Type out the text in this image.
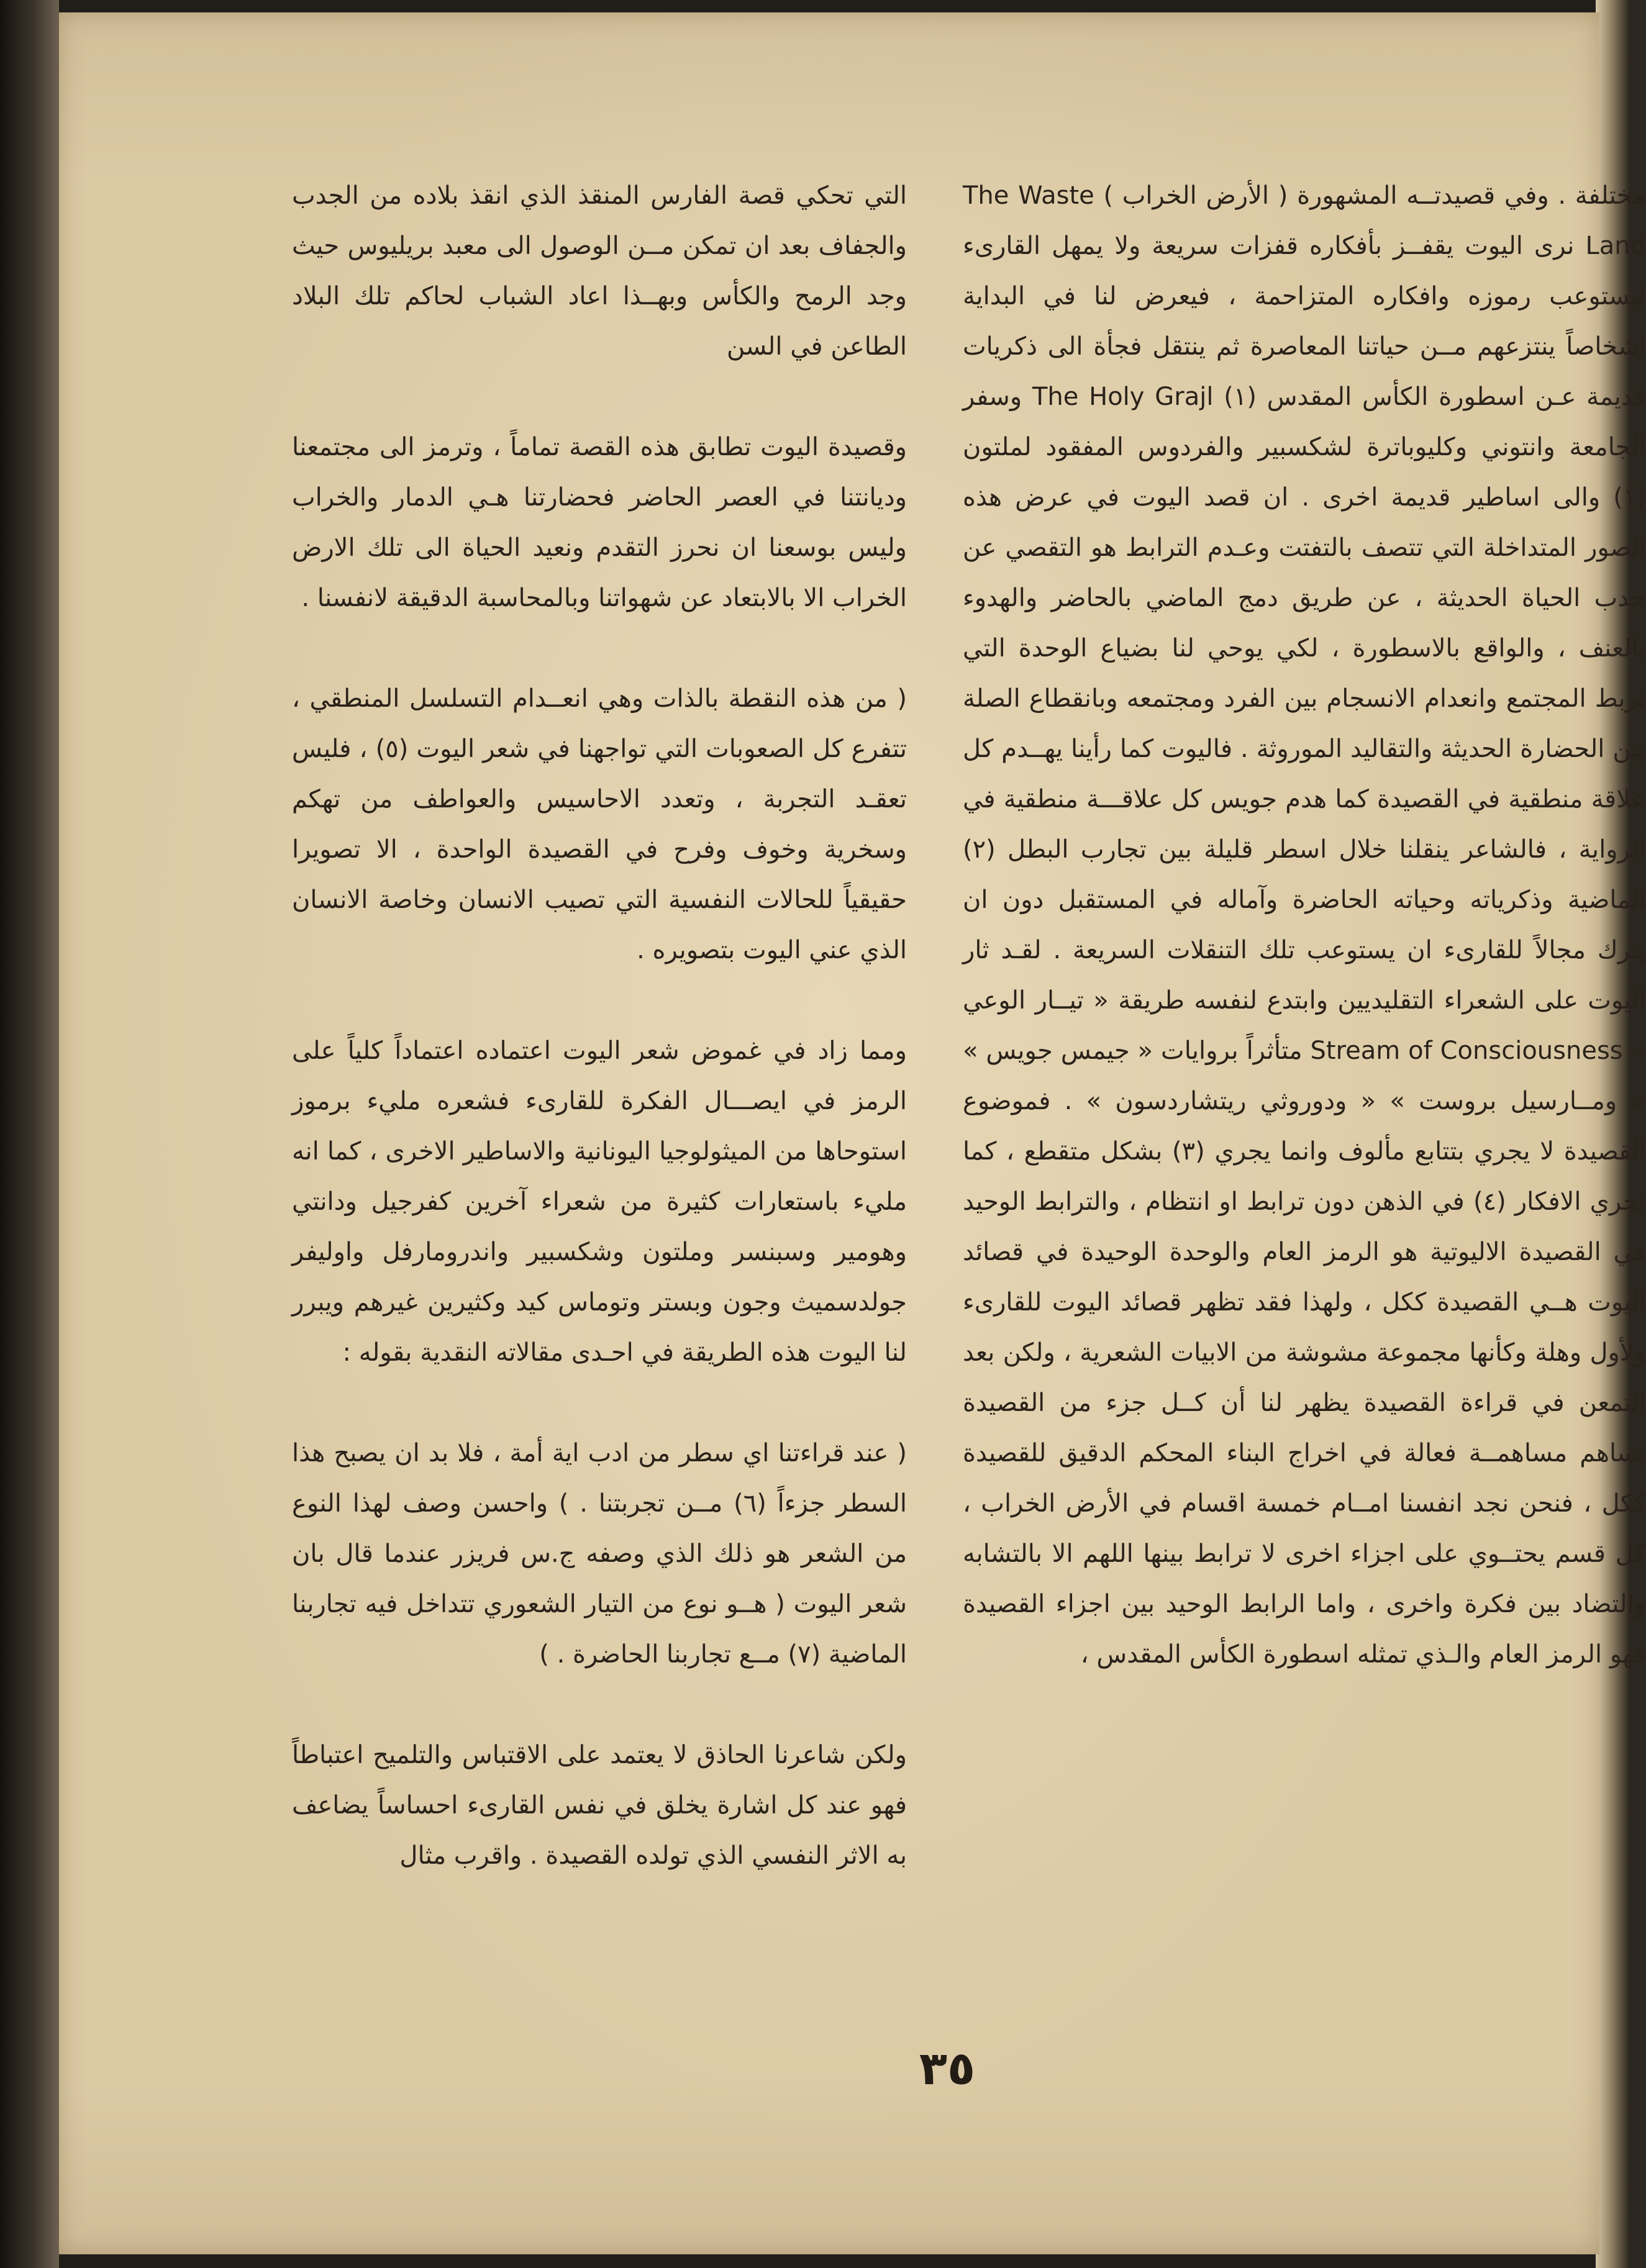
مختلفة . وفي قصيدتــه المشهورة ( الأرض الخراب ) The Waste Land نرى اليوت يقفــز بأفكاره قفزات سريعة ولا يمهل القارىء ليستوعب رموزه وافكاره المتزاحمة ، فيعرض لنا في البداية اشخاصاً ينتزعهم مــن حياتنا المعاصرة ثم ينتقل فجأة الى ذكريات قديمة عـن اسطورة الكأس المقدس (١) The Holy Grajl وسفر الجامعة وانتوني وكليوباترة لشكسبير والفردوس المفقود لملتون (١) والى اساطير قديمة اخرى . ان قصد اليوت في عرض هذه الصور المتداخلة التي تتصف بالتفتت وعـدم الترابط هو التقصي عن جدب الحياة الحديثة ، عن طريق دمج الماضي بالحاضر والهدوء بالعنف ، والواقع بالاسطورة ، لكي يوحي لنا بضياع الوحدة التي تربط المجتمع وانعدام الانسجام بين الفرد ومجتمعه وبانقطاع الصلة بين الحضارة الحديثة والتقاليد الموروثة . فاليوت كما رأينا يهــدم كل علاقة منطقية في القصيدة كما هدم جويس كل علاقـــة منطقية في الرواية ، فالشاعر ينقلنا خلال اسطر قليلة بين تجارب البطل (٢) الماضية وذكرياته وحياته الحاضرة وآماله في المستقبل دون ان يترك مجالاً للقارىء ان يستوعب تلك التنقلات السريعة . لقـد ثار اليوت على الشعراء التقليديين وابتدع لنفسه طريقة « تيــار الوعي » Stream of Consciousness متأثراً بروايات « جيمس جويس » « ومــارسيل بروست » « ودوروثي ريتشاردسون » . فموضوع القصيدة لا يجري بتتابع مألوف وانما يجري (٣) بشكل متقطع ، كما تجري الافكار (٤) في الذهن دون ترابط او انتظام ، والترابط الوحيد في القصيدة الاليوتية هو الرمز العام والوحدة الوحيدة في قصائد اليوت هــي القصيدة ككل ، ولهذا فقد تظهر قصائد اليوت للقارىء ولأول وهلة وكأنها مجموعة مشوشة من الابيات الشعرية ، ولكن بعد التمعن في قراءة القصيدة يظهر لنا أن كــل جزء من القصيدة يساهم مساهمــة فعالة في اخراج البناء المحكم الدقيق للقصيدة ككل ، فنحن نجد انفسنا امــام خمسة اقسام في الأرض الخراب ، كل قسم يحتــوي على اجزاء اخرى لا ترابط بينها اللهم الا بالتشابه والتضاد بين فكرة واخرى ، واما الرابط الوحيد بين اجزاء القصيدة فهو الرمز العام والـذي تمثله اسطورة الكأس المقدس ،

التي تحكي قصة الفارس المنقذ الذي انقذ بلاده من الجدب والجفاف بعد ان تمكن مــن الوصول الى معبد بريليوس حيث وجد الرمح والكأس وبهــذا اعاد الشباب لحاكم تلك البلاد الطاعن في السن

وقصيدة اليوت تطابق هذه القصة تماماً ، وترمز الى مجتمعنا وديانتنا في العصر الحاضر فحضارتنا هـي الدمار والخراب وليس بوسعنا ان نحرز التقدم ونعيد الحياة الى تلك الارض الخراب الا بالابتعاد عن شهواتنا وبالمحاسبة الدقيقة لانفسنا .

( من هذه النقطة بالذات وهي انعــدام التسلسل المنطقي ، تتفرع كل الصعوبات التي تواجهنا في شعر اليوت (٥) ، فليس تعقـد التجربة ، وتعدد الاحاسيس والعواطف من تهكم وسخرية وخوف وفرح في القصيدة الواحدة ، الا تصويرا حقيقياً للحالات النفسية التي تصيب الانسان وخاصة الانسان الذي عني اليوت بتصويره .

ومما زاد في غموض شعر اليوت اعتماده اعتماداً كلياً على الرمز في ايصـــال الفكرة للقارىء فشعره مليء برموز استوحاها من الميثولوجيا اليونانية والاساطير الاخرى ، كما انه مليء باستعارات كثيرة من شعراء آخرين كفرجيل ودانتي وهومير وسبنسر وملتون وشكسبير واندرومارفل واوليفر جولدسميث وجون وبستر وتوماس كيد وكثيرين غيرهم ويبرر لنا اليوت هذه الطريقة في احـدى مقالاته النقدية بقوله :

( عند قراءتنا اي سطر من ادب اية أمة ، فلا بد ان يصبح هذا السطر جزءاً (٦) مــن تجربتنا . ) واحسن وصف لهذا النوع من الشعر هو ذلك الذي وصفه ج.س فريزر عندما قال بان شعر اليوت ( هــو نوع من التيار الشعوري تتداخل فيه تجاربنا الماضية (٧) مــع تجاربنا الحاضرة . )

ولكن شاعرنا الحاذق لا يعتمد على الاقتباس والتلميح اعتباطاً فهو عند كل اشارة يخلق في نفس القارىء احساساً يضاعف به الاثر النفسي الذي تولده القصيدة . واقرب مثال

٣٥
